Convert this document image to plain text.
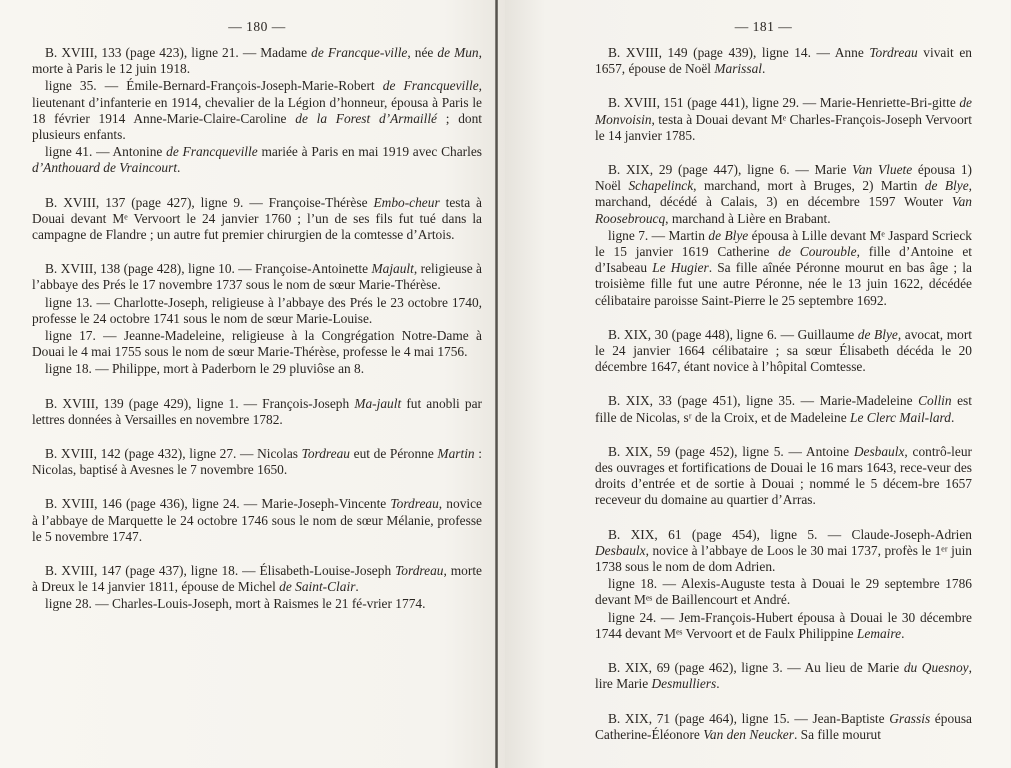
— 180 —

B. XVIII, 133 (page 423), ligne 21. — Madame de Francque-ville, née de Mun, morte à Paris le 12 juin 1918.

ligne 35. — Émile-Bernard-François-Joseph-Marie-Robert de Francqueville, lieutenant d’infanterie en 1914, chevalier de la Légion d’honneur, épousa à Paris le 18 février 1914 Anne-Marie-Claire-Caroline de la Forest d’Armaillé ; dont plusieurs enfants.

ligne 41. — Antonine de Francqueville mariée à Paris en mai 1919 avec Charles d’Anthouard de Vraincourt.

B. XVIII, 137 (page 427), ligne 9. — Françoise-Thérèse Embo-cheur testa à Douai devant Mᵉ Vervoort le 24 janvier 1760 ; l’un de ses fils fut tué dans la campagne de Flandre ; un autre fut premier chirurgien de la comtesse d’Artois.

B. XVIII, 138 (page 428), ligne 10. — Françoise-Antoinette Majault, religieuse à l’abbaye des Prés le 17 novembre 1737 sous le nom de sœur Marie-Thérèse.

ligne 13. — Charlotte-Joseph, religieuse à l’abbaye des Prés le 23 octobre 1740, professe le 24 octobre 1741 sous le nom de sœur Marie-Louise.

ligne 17. — Jeanne-Madeleine, religieuse à la Congrégation Notre-Dame à Douai le 4 mai 1755 sous le nom de sœur Marie-Thérèse, professe le 4 mai 1756.

ligne 18. — Philippe, mort à Paderborn le 29 pluviôse an 8.

B. XVIII, 139 (page 429), ligne 1. — François-Joseph Ma-jault fut anobli par lettres données à Versailles en novembre 1782.

B. XVIII, 142 (page 432), ligne 27. — Nicolas Tordreau eut de Péronne Martin : Nicolas, baptisé à Avesnes le 7 novembre 1650.

B. XVIII, 146 (page 436), ligne 24. — Marie-Joseph-Vincente Tordreau, novice à l’abbaye de Marquette le 24 octobre 1746 sous le nom de sœur Mélanie, professe le 5 novembre 1747.

B. XVIII, 147 (page 437), ligne 18. — Élisabeth-Louise-Joseph Tordreau, morte à Dreux le 14 janvier 1811, épouse de Michel de Saint-Clair.

ligne 28. — Charles-Louis-Joseph, mort à Raismes le 21 fé-vrier 1774.

— 181 —

B. XVIII, 149 (page 439), ligne 14. — Anne Tordreau vivait en 1657, épouse de Noël Marissal.

B. XVIII, 151 (page 441), ligne 29. — Marie-Henriette-Bri-gitte de Monvoisin, testa à Douai devant Mᵉ Charles-François-Joseph Vervoort le 14 janvier 1785.

B. XIX, 29 (page 447), ligne 6. — Marie Van Vluete épousa 1) Noël Schapelinck, marchand, mort à Bruges, 2) Martin de Blye, marchand, décédé à Calais, 3) en décembre 1597 Wouter Van Roosebroucq, marchand à Lière en Brabant.

ligne 7. — Martin de Blye épousa à Lille devant Mᵉ Jaspard Scrieck le 15 janvier 1619 Catherine de Courouble, fille d’Antoine et d’Isabeau Le Hugier. Sa fille aînée Péronne mourut en bas âge ; la troisième fille fut une autre Péronne, née le 13 juin 1622, décédée célibataire paroisse Saint-Pierre le 25 septembre 1692.

B. XIX, 30 (page 448), ligne 6. — Guillaume de Blye, avocat, mort le 24 janvier 1664 célibataire ; sa sœur Élisabeth décéda le 20 décembre 1647, étant novice à l’hôpital Comtesse.

B. XIX, 33 (page 451), ligne 35. — Marie-Madeleine Collin est fille de Nicolas, sʳ de la Croix, et de Madeleine Le Clerc Mail-lard.

B. XIX, 59 (page 452), ligne 5. — Antoine Desbaulx, contrô-leur des ouvrages et fortifications de Douai le 16 mars 1643, rece-veur des droits d’entrée et de sortie à Douai ; nommé le 5 décem-bre 1657 receveur du domaine au quartier d’Arras.

B. XIX, 61 (page 454), ligne 5. — Claude-Joseph-Adrien Desbaulx, novice à l’abbaye de Loos le 30 mai 1737, profès le 1ᵉʳ juin 1738 sous le nom de dom Adrien.

ligne 18. — Alexis-Auguste testa à Douai le 29 septembre 1786 devant Mᵉˢ de Baillencourt et André.

ligne 24. — Jem-François-Hubert épousa à Douai le 30 décembre 1744 devant Mᵉˢ Vervoort et de Faulx Philippine Lemaire.

B. XIX, 69 (page 462), ligne 3. — Au lieu de Marie du Quesnoy, lire Marie Desmulliers.

B. XIX, 71 (page 464), ligne 15. — Jean-Baptiste Grassis épousa Catherine-Éléonore Van den Neucker. Sa fille mourut
